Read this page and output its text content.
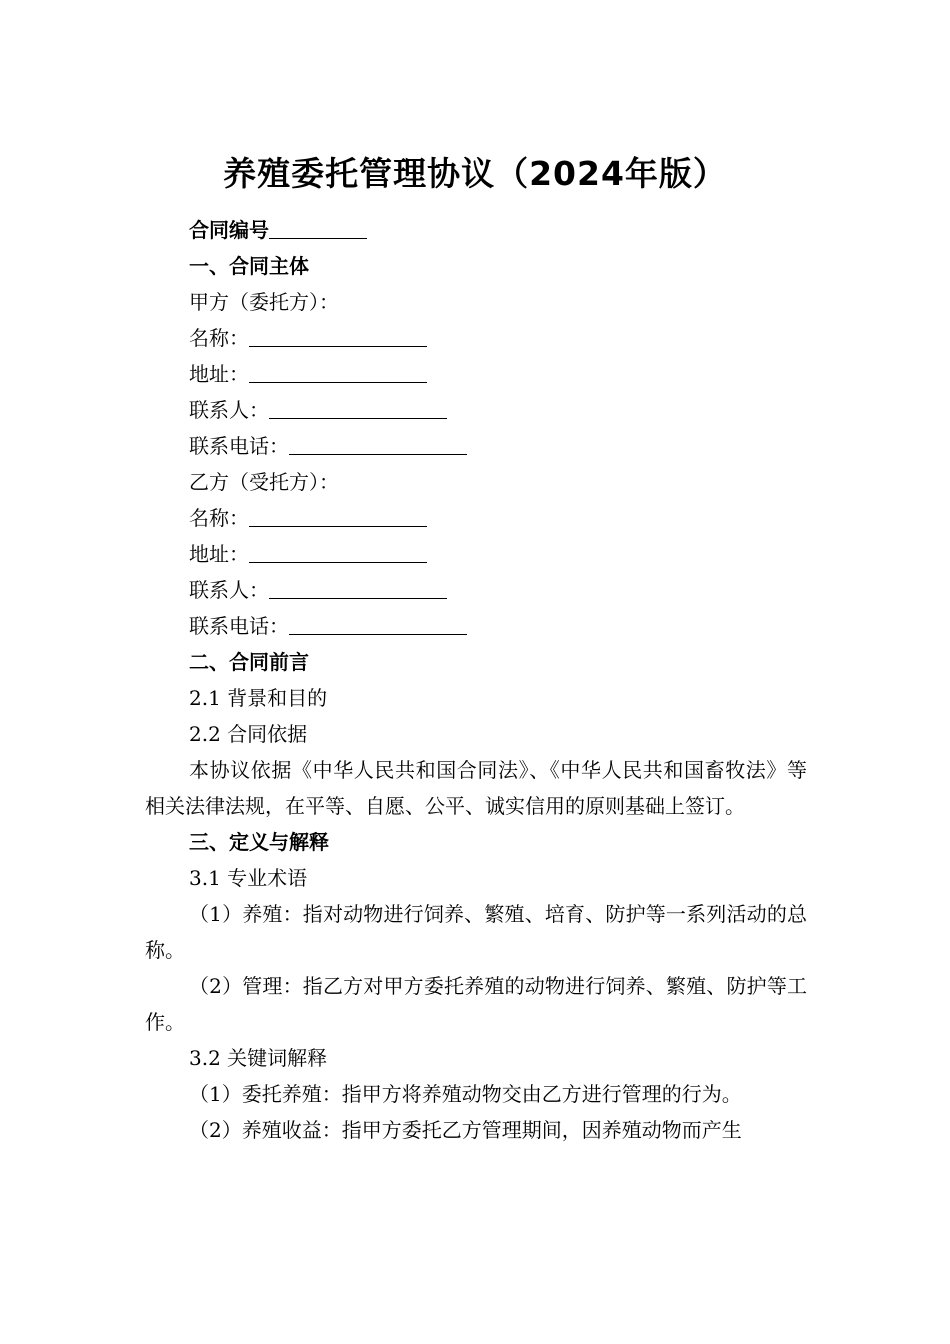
养殖委托管理协议（2024年版）
合同编号
一、合同主体
甲方（委托方）：
名称：
地址：
联系人：
联系电话：
乙方（受托方）：
名称：
地址：
联系人：
联系电话：
二、合同前言
2.1 背景和目的
2.2 合同依据
本协议依据《中华人民共和国合同法》、《中华人民共和国畜牧法》等相关法律法规，在平等、自愿、公平、诚实信用的原则基础上签订。
三、定义与解释
3.1 专业术语
（1）养殖：指对动物进行饲养、繁殖、培育、防护等一系列活动的总称。
（2）管理：指乙方对甲方委托养殖的动物进行饲养、繁殖、防护等工作。
3.2 关键词解释
（1）委托养殖：指甲方将养殖动物交由乙方进行管理的行为。
（2）养殖收益：指甲方委托乙方管理期间，因养殖动物而产生
